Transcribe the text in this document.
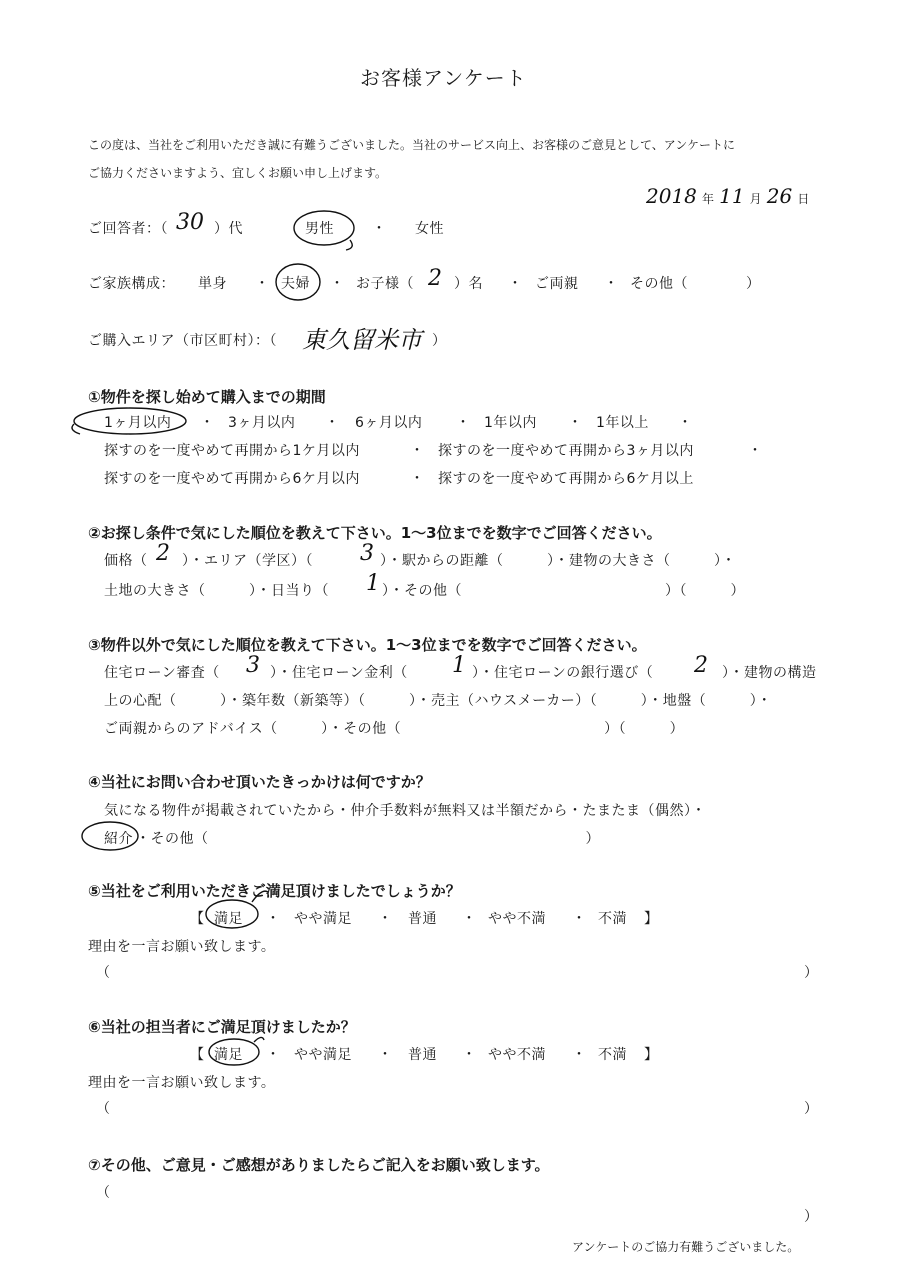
お客様アンケート
この度は、当社をご利用いただき誠に有難うございました。当社のサービス向上、お客様のご意見として、アンケートに
ご協力くださいますよう、宜しくお願い申し上げます。
2018 年 11 月 26 日
ご回答者：（ 30 ）代	男性	・ 女性
ご家族構成： 単身 ・ 夫婦 ・ お子様（ 2 ）名 ・ ご両親 ・ その他（　　　　）
ご購入エリア（市区町村）：（ 東久留米市 ）
①物件を探し始めて購入までの期間
1ヶ月以内 ・ 3ヶ月以内 ・ 6ヶ月以内 ・ 1年以内 ・ 1年以上 ・
探すのを一度やめて再開から1ケ月以内	・ 探すのを一度やめて再開から3ヶ月以内	・
探すのを一度やめて再開から6ケ月以内	・ 探すのを一度やめて再開から6ケ月以上
②お探し条件で気にした順位を教えて下さい。1～3位までを数字でご回答ください。
価格（ 2 ）・エリア（学区）（ 3 ）・駅からの距離（　　　）・建物の大きさ（　　　）・
土地の大きさ（　　　）・日当り（ 1 ）・その他（　　　　　　　　　　　　　　）（　　　）
③物件以外で気にした順位を教えて下さい。1～3位までを数字でご回答ください。
住宅ローン審査（ 3 ）・住宅ローン金利（ 1 ）・住宅ローンの銀行選び（ 2 ）・建物の構造
上の心配（　　　）・築年数（新築等）（　　　）・売主（ハウスメーカー）（　　　）・地盤（　　　）・
ご両親からのアドバイス（　　　）・その他（　　　　　　　　　　　　　　）（　　　）
④当社にお問い合わせ頂いたきっかけは何ですか？
気になる物件が掲載されていたから・仲介手数料が無料又は半額だから・たまたま（偶然）・
紹介 ・その他（　　　　　　　　　　　　　　　　　　　　　　　　　　）
⑤当社をご利用いただきご満足頂けましたでしょうか？
【 満足 ・ やや満足 ・ 普通 ・ やや不満 ・ 不満 】
理由を一言お願い致します。
（	）
⑥当社の担当者にご満足頂けましたか？
【 満足 ・ やや満足 ・ 普通 ・ やや不満 ・ 不満 】
理由を一言お願い致します。
（	）
⑦その他、ご意見・ご感想がありましたらご記入をお願い致します。
（
）
アンケートのご協力有難うございました。
